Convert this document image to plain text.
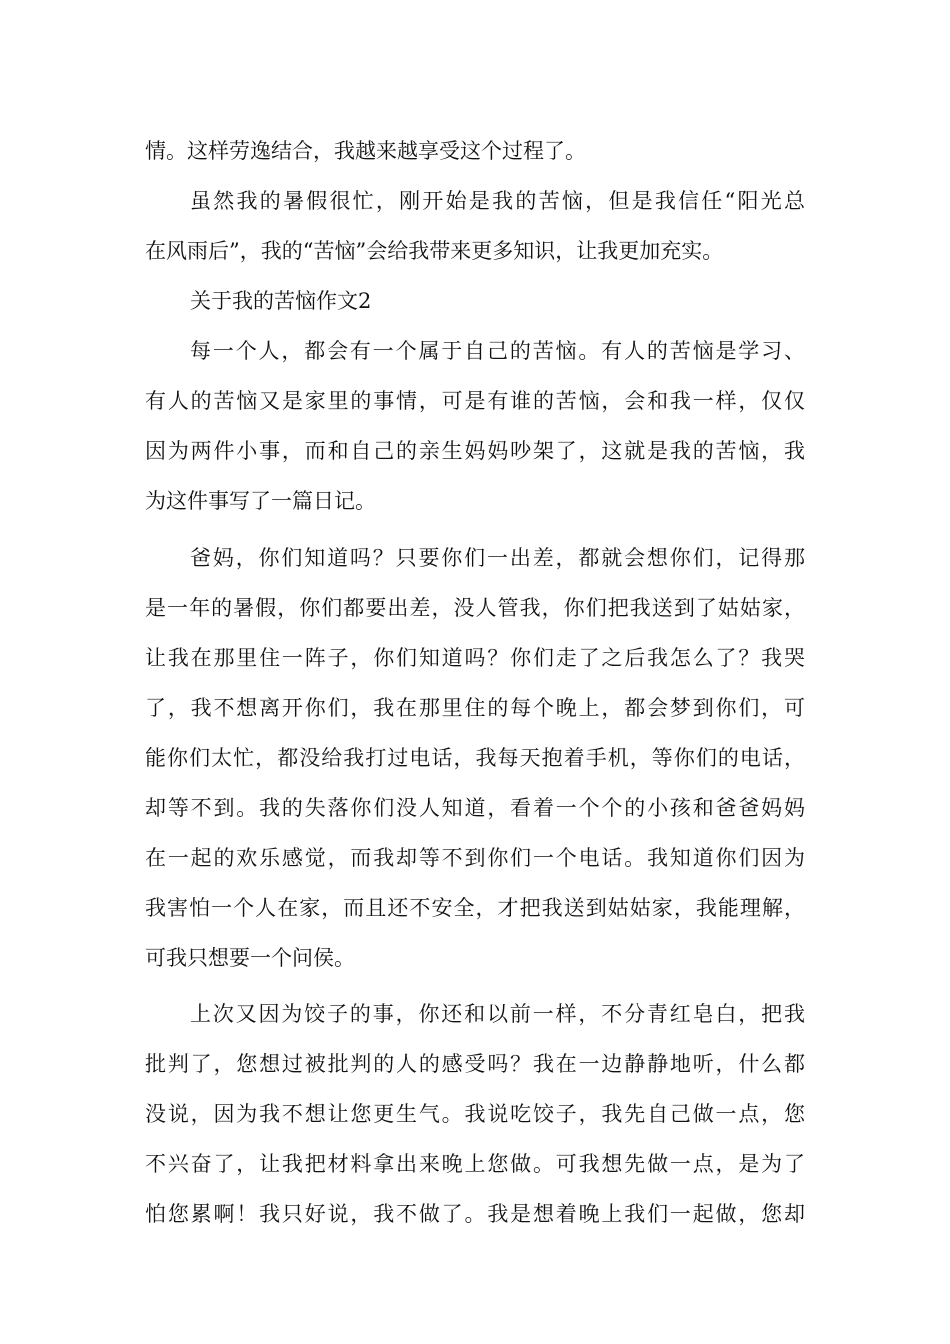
情。这样劳逸结合，我越来越享受这个过程了。
虽然我的暑假很忙，刚开始是我的苦恼，但是我信任“阳光总
在风雨后”，我的“苦恼”会给我带来更多知识，让我更加充实。
关于我的苦恼作文2
每一个人，都会有一个属于自己的苦恼。有人的苦恼是学习、
有人的苦恼又是家里的事情，可是有谁的苦恼，会和我一样，仅仅
因为两件小事，而和自己的亲生妈妈吵架了，这就是我的苦恼，我
为这件事写了一篇日记。
爸妈，你们知道吗？只要你们一出差，都就会想你们，记得那
是一年的暑假，你们都要出差，没人管我，你们把我送到了姑姑家，
让我在那里住一阵子，你们知道吗？你们走了之后我怎么了？我哭
了，我不想离开你们，我在那里住的每个晚上，都会梦到你们，可
能你们太忙，都没给我打过电话，我每天抱着手机，等你们的电话，
却等不到。我的失落你们没人知道，看着一个个的小孩和爸爸妈妈
在一起的欢乐感觉，而我却等不到你们一个电话。我知道你们因为
我害怕一个人在家，而且还不安全，才把我送到姑姑家，我能理解，
可我只想要一个问侯。
上次又因为饺子的事，你还和以前一样，不分青红皂白，把我
批判了，您想过被批判的人的感受吗？我在一边静静地听，什么都
没说，因为我不想让您更生气。我说吃饺子，我先自己做一点，您
不兴奋了，让我把材料拿出来晚上您做。可我想先做一点，是为了
怕您累啊！我只好说，我不做了。我是想着晚上我们一起做，您却
